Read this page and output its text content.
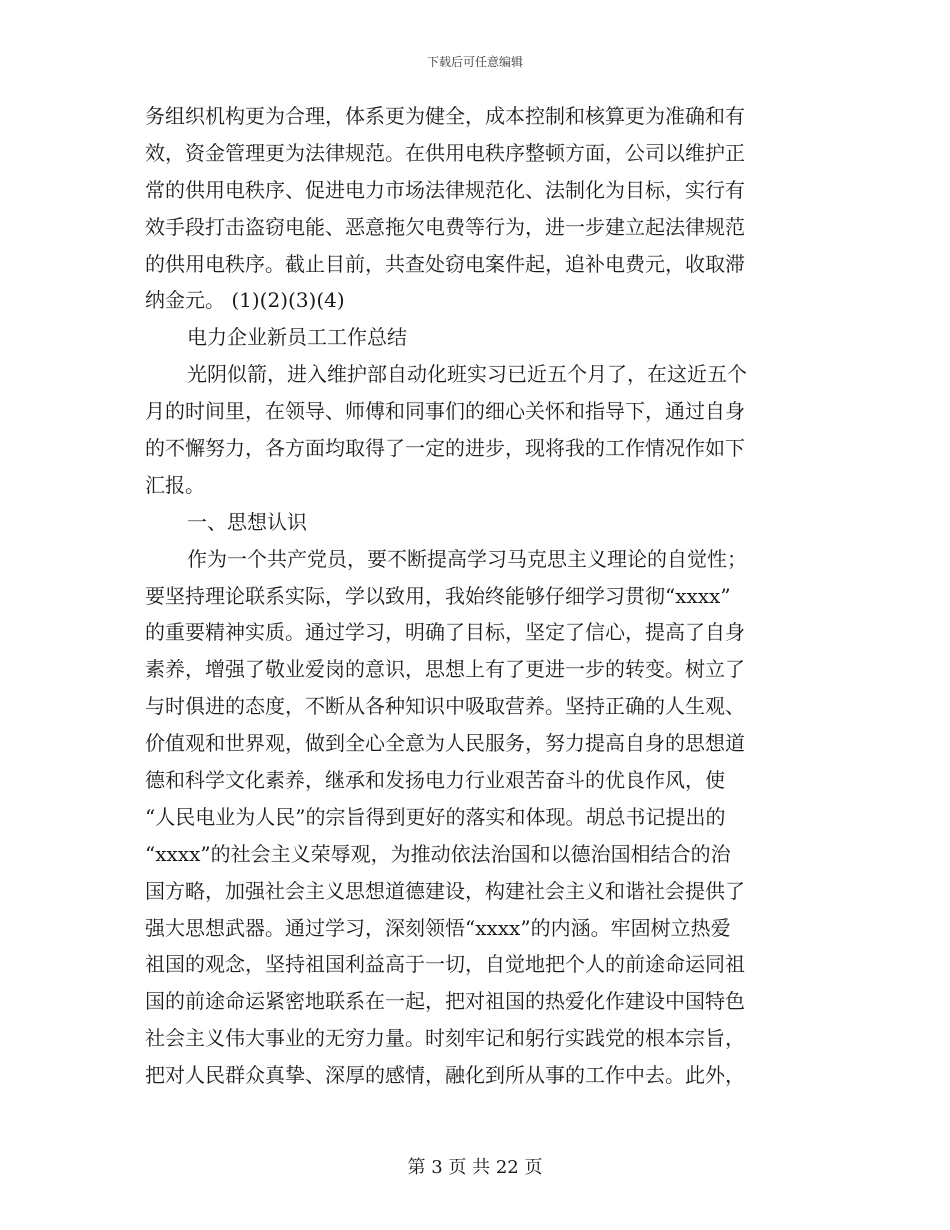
下载后可任意编辑
务组织机构更为合理，体系更为健全，成本控制和核算更为准确和有
效，资金管理更为法律规范。在供用电秩序整顿方面，公司以维护正
常的供用电秩序、促进电力市场法律规范化、法制化为目标，实行有
效手段打击盗窃电能、恶意拖欠电费等行为，进一步建立起法律规范
的供用电秩序。截止目前，共查处窃电案件起，追补电费元，收取滞
纳金元。 (1)(2)(3)(4)
电力企业新员工工作总结
光阴似箭，进入维护部自动化班实习已近五个月了，在这近五个
月的时间里，在领导、师傅和同事们的细心关怀和指导下，通过自身
的不懈努力，各方面均取得了一定的进步，现将我的工作情况作如下
汇报。
一、思想认识
作为一个共产党员，要不断提高学习马克思主义理论的自觉性；
要坚持理论联系实际，学以致用，我始终能够仔细学习贯彻“xxxx”
的重要精神实质。通过学习，明确了目标，坚定了信心，提高了自身
素养，增强了敬业爱岗的意识，思想上有了更进一步的转变。树立了
与时俱进的态度，不断从各种知识中吸取营养。坚持正确的人生观、
价值观和世界观，做到全心全意为人民服务，努力提高自身的思想道
德和科学文化素养，继承和发扬电力行业艰苦奋斗的优良作风，使
“人民电业为人民”的宗旨得到更好的落实和体现。胡总书记提出的
“xxxx”的社会主义荣辱观，为推动依法治国和以德治国相结合的治
国方略，加强社会主义思想道德建设，构建社会主义和谐社会提供了
强大思想武器。通过学习，深刻领悟“xxxx”的内涵。牢固树立热爱
祖国的观念，坚持祖国利益高于一切，自觉地把个人的前途命运同祖
国的前途命运紧密地联系在一起，把对祖国的热爱化作建设中国特色
社会主义伟大事业的无穷力量。时刻牢记和躬行实践党的根本宗旨，
把对人民群众真挚、深厚的感情，融化到所从事的工作中去。此外，
第 3 页 共 22 页
